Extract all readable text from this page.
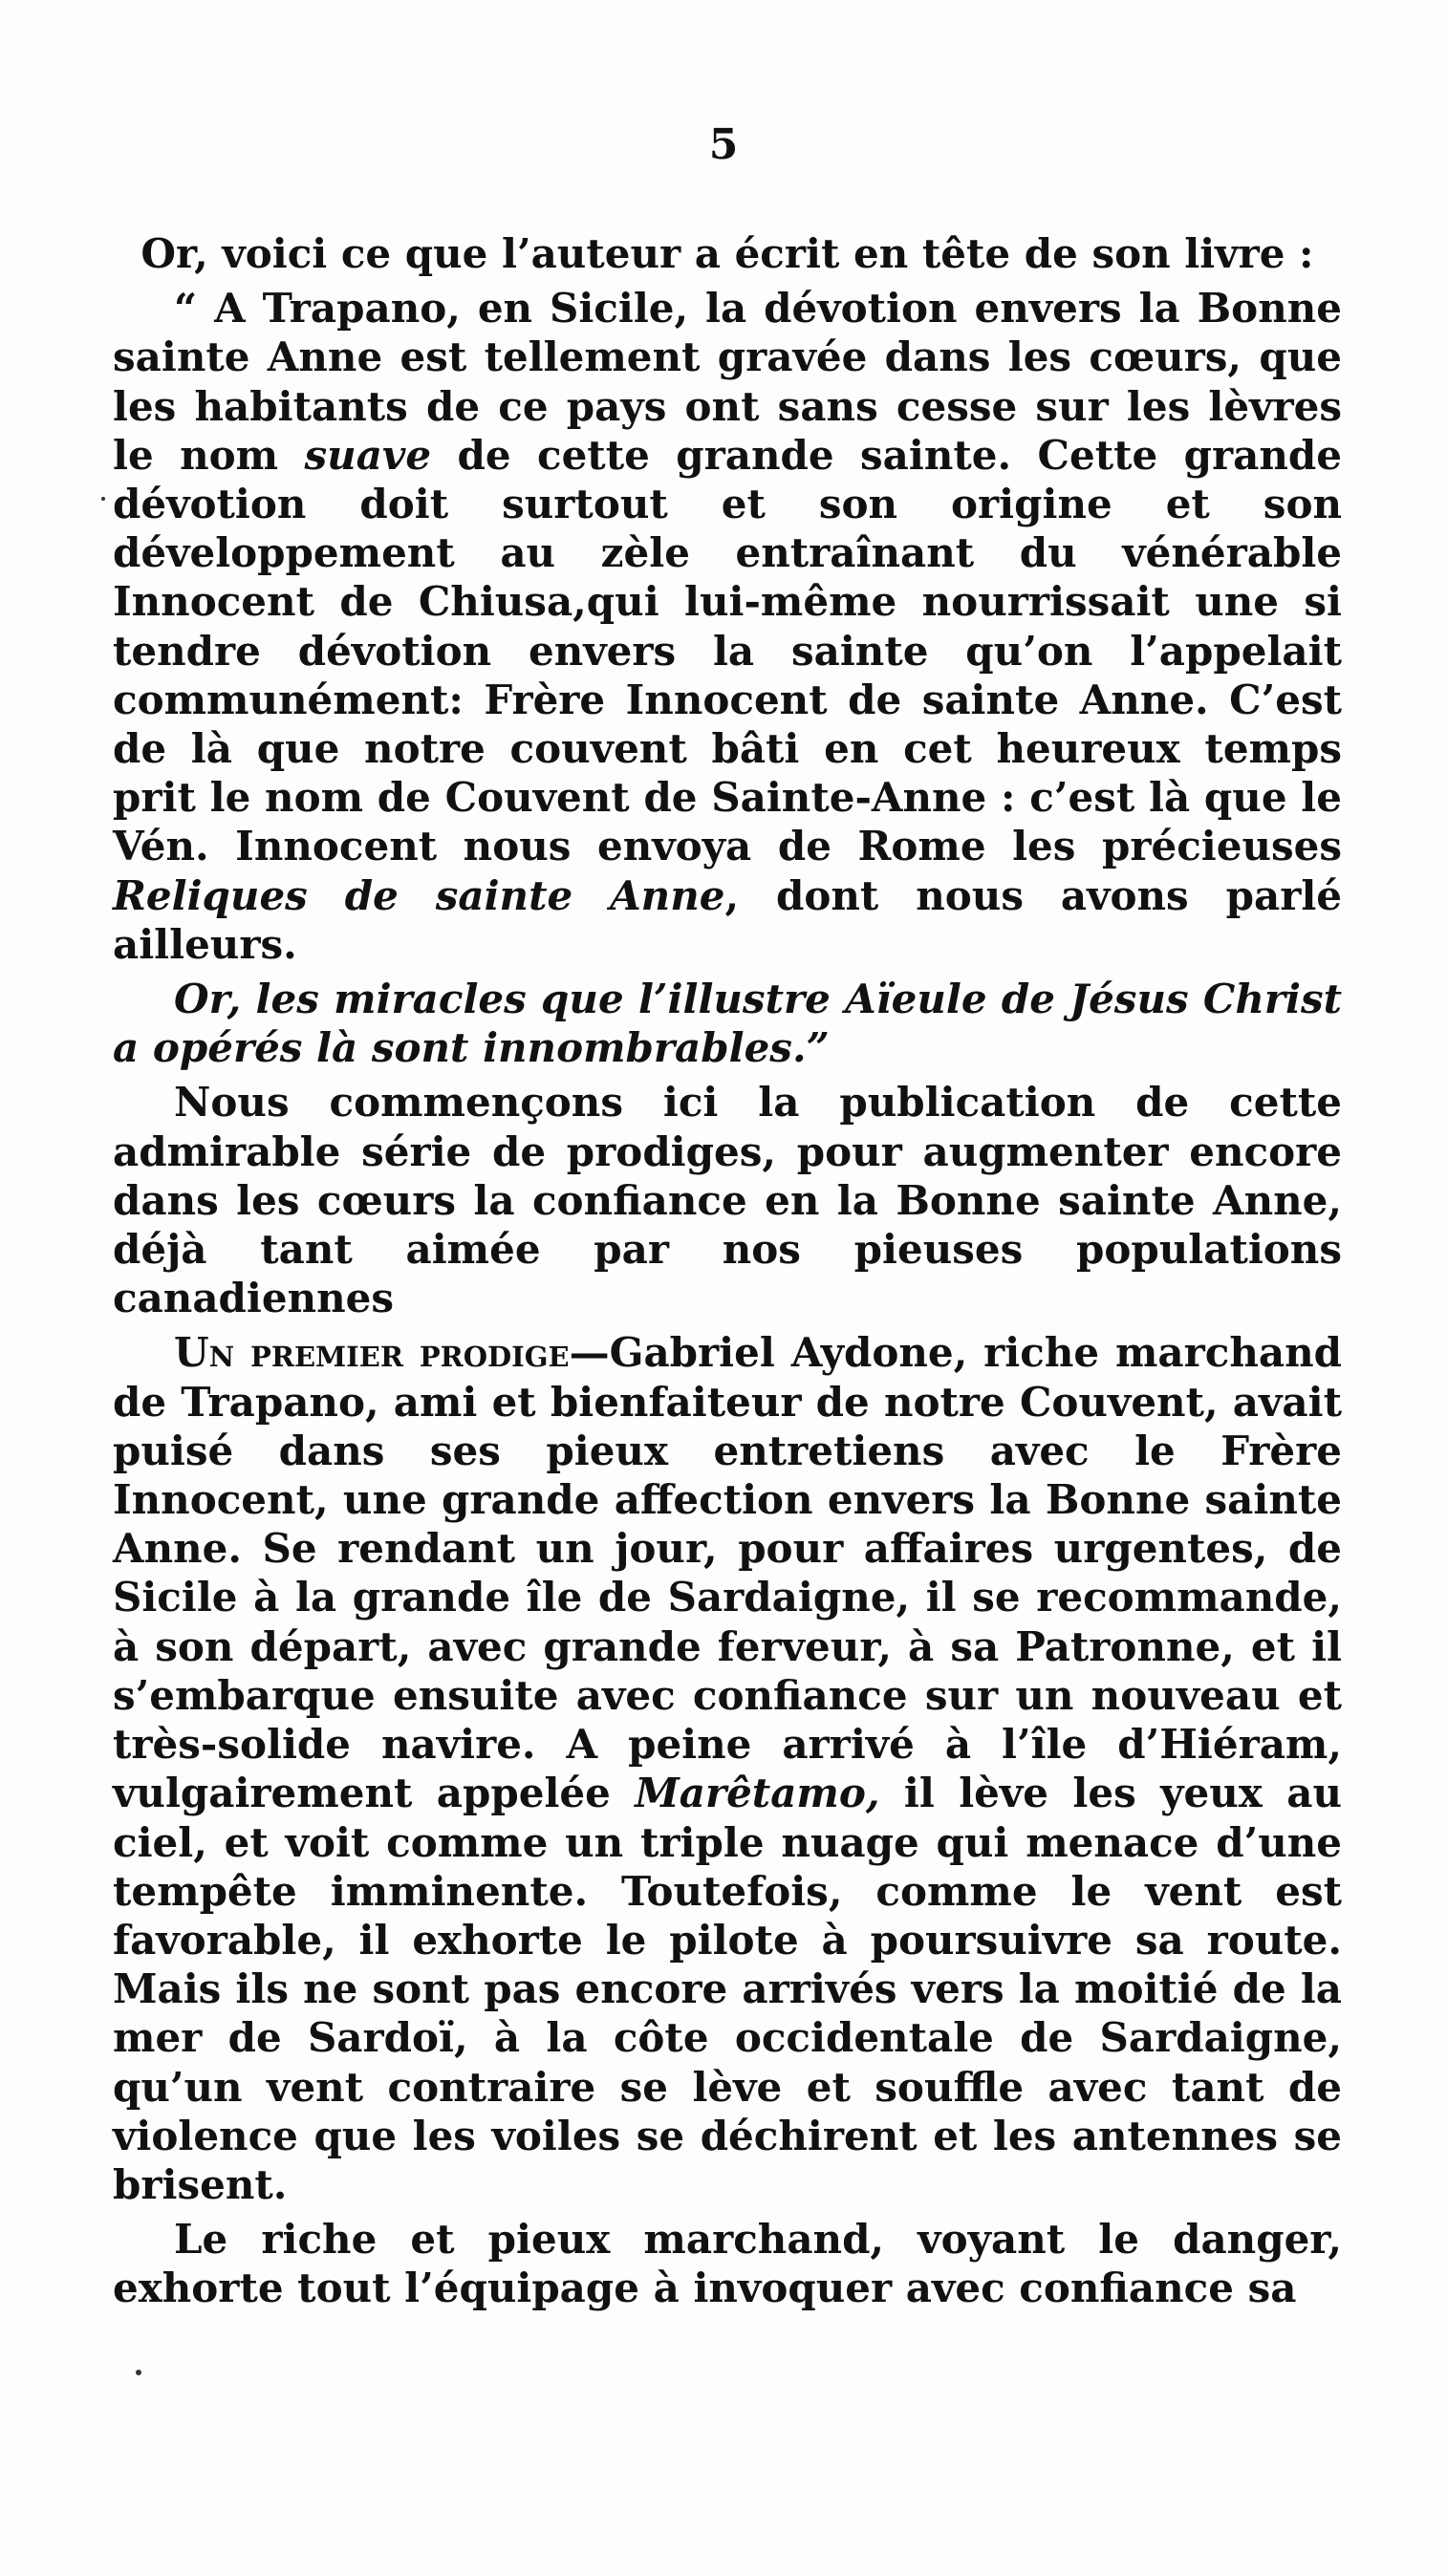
5

Or, voici ce que l’auteur a écrit en tête de son livre :

“ A Trapano, en Sicile, la dévotion envers la Bonne sainte Anne est tellement gravée dans les cœurs, que les habitants de ce pays ont sans cesse sur les lèvres le nom suave de cette grande sainte. Cette grande dévotion doit surtout et son origine et son développement au zèle entraînant du vénérable Innocent de Chiusa,qui lui-même nourrissait une si tendre dévotion envers la sainte qu’on l’appelait communément: Frère Innocent de sainte Anne. C’est de là que notre couvent bâti en cet heureux temps prit le nom de Couvent de Sainte-Anne : c’est là que le Vén. Innocent nous envoya de Rome les précieuses Reliques de sainte Anne, dont nous avons parlé ailleurs.

Or, les miracles que l’illustre Aïeule de Jésus Christ a opérés là sont innombrables.”

Nous commençons ici la publication de cette admirable série de prodiges, pour augmenter encore dans les cœurs la confiance en la Bonne sainte Anne, déjà tant aimée par nos pieuses populations canadiennes

Un premier prodige—Gabriel Aydone, riche marchand de Trapano, ami et bienfaiteur de notre Couvent, avait puisé dans ses pieux entretiens avec le Frère Innocent, une grande affection envers la Bonne sainte Anne. Se rendant un jour, pour affaires urgentes, de Sicile à la grande île de Sardaigne, il se recommande, à son départ, avec grande ferveur, à sa Patronne, et il s’embarque ensuite avec confiance sur un nouveau et très-solide navire. A peine arrivé à l’île d’Hiéram, vulgairement appelée Marêtamo, il lève les yeux au ciel, et voit comme un triple nuage qui menace d’une tempête imminente. Toutefois, comme le vent est favorable, il exhorte le pilote à poursuivre sa route. Mais ils ne sont pas encore arrivés vers la moitié de la mer de Sardoï, à la côte occidentale de Sardaigne, qu’un vent contraire se lève et souffle avec tant de violence que les voiles se déchirent et les antennes se brisent.

Le riche et pieux marchand, voyant le danger, exhorte tout l’équipage à invoquer avec confiance sa
